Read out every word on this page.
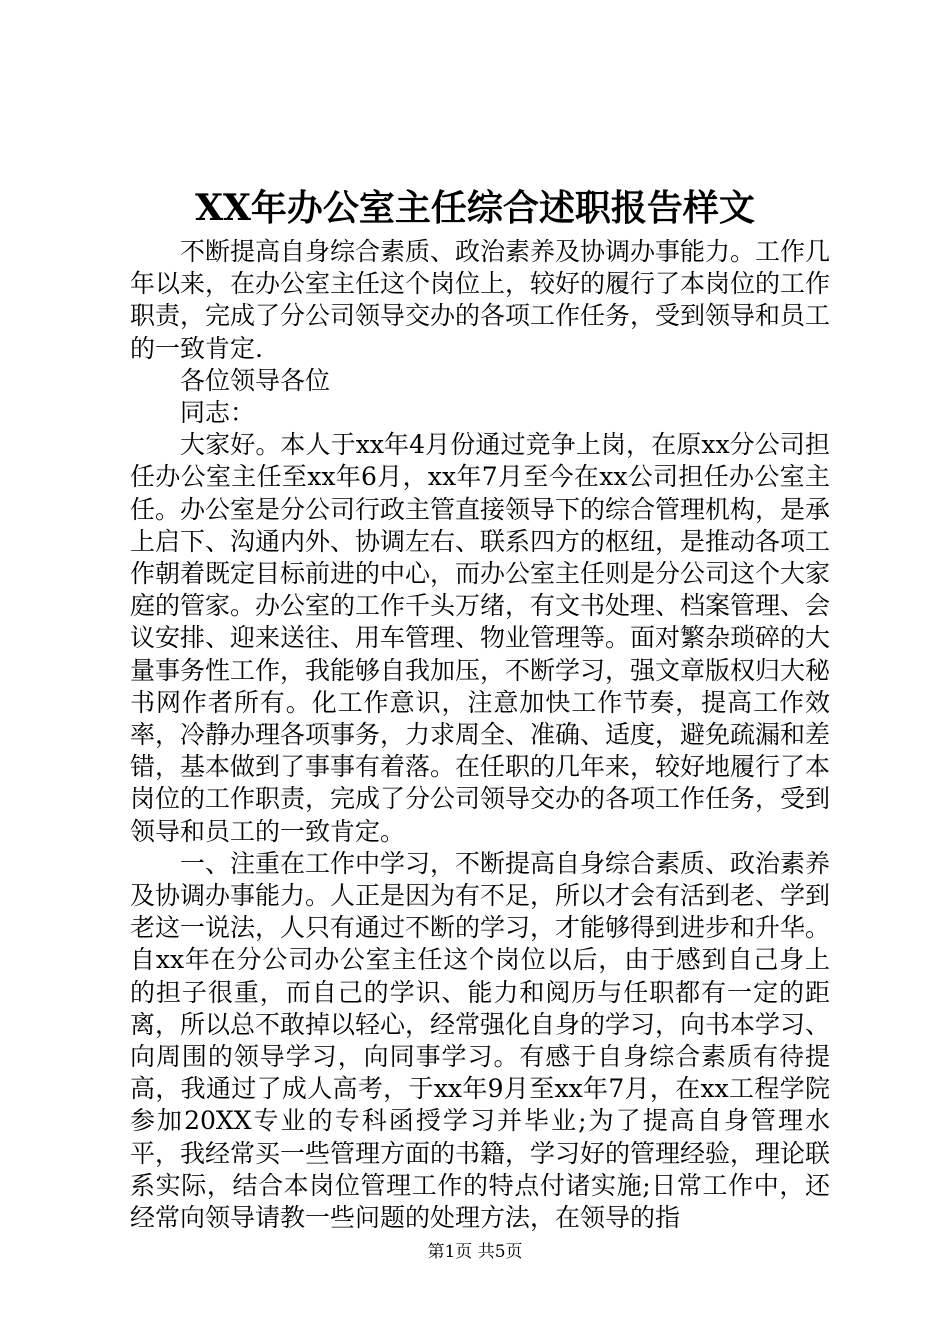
XX年办公室主任综合述职报告样文

不断提高自身综合素质、政治素养及协调办事能力。工作几年以来，在办公室主任这个岗位上，较好的履行了本岗位的工作职责，完成了分公司领导交办的各项工作任务，受到领导和员工的一致肯定.

各位领导各位

同志：

大家好。本人于xx年4月份通过竞争上岗，在原xx分公司担任办公室主任至xx年6月，xx年7月至今在xx公司担任办公室主任。办公室是分公司行政主管直接领导下的综合管理机构，是承上启下、沟通内外、协调左右、联系四方的枢纽，是推动各项工作朝着既定目标前进的中心，而办公室主任则是分公司这个大家庭的管家。办公室的工作千头万绪，有文书处理、档案管理、会议安排、迎来送往、用车管理、物业管理等。面对繁杂琐碎的大量事务性工作，我能够自我加压，不断学习，强文章版权归大秘书网作者所有。化工作意识，注意加快工作节奏，提高工作效率，冷静办理各项事务，力求周全、准确、适度，避免疏漏和差错，基本做到了事事有着落。在任职的几年来，较好地履行了本岗位的工作职责，完成了分公司领导交办的各项工作任务，受到领导和员工的一致肯定。

一、注重在工作中学习，不断提高自身综合素质、政治素养及协调办事能力。人正是因为有不足，所以才会有活到老、学到老这一说法，人只有通过不断的学习，才能够得到进步和升华。自xx年在分公司办公室主任这个岗位以后，由于感到自己身上的担子很重，而自己的学识、能力和阅历与任职都有一定的距离，所以总不敢掉以轻心，经常强化自身的学习，向书本学习、向周围的领导学习，向同事学习。有感于自身综合素质有待提高，我通过了成人高考，于xx年9月至xx年7月，在xx工程学院参加20XX专业的专科函授学习并毕业;为了提高自身管理水平，我经常买一些管理方面的书籍，学习好的管理经验，理论联系实际，结合本岗位管理工作的特点付诸实施;日常工作中，还经常向领导请教一些问题的处理方法，在领导的指

第1页 共5页
